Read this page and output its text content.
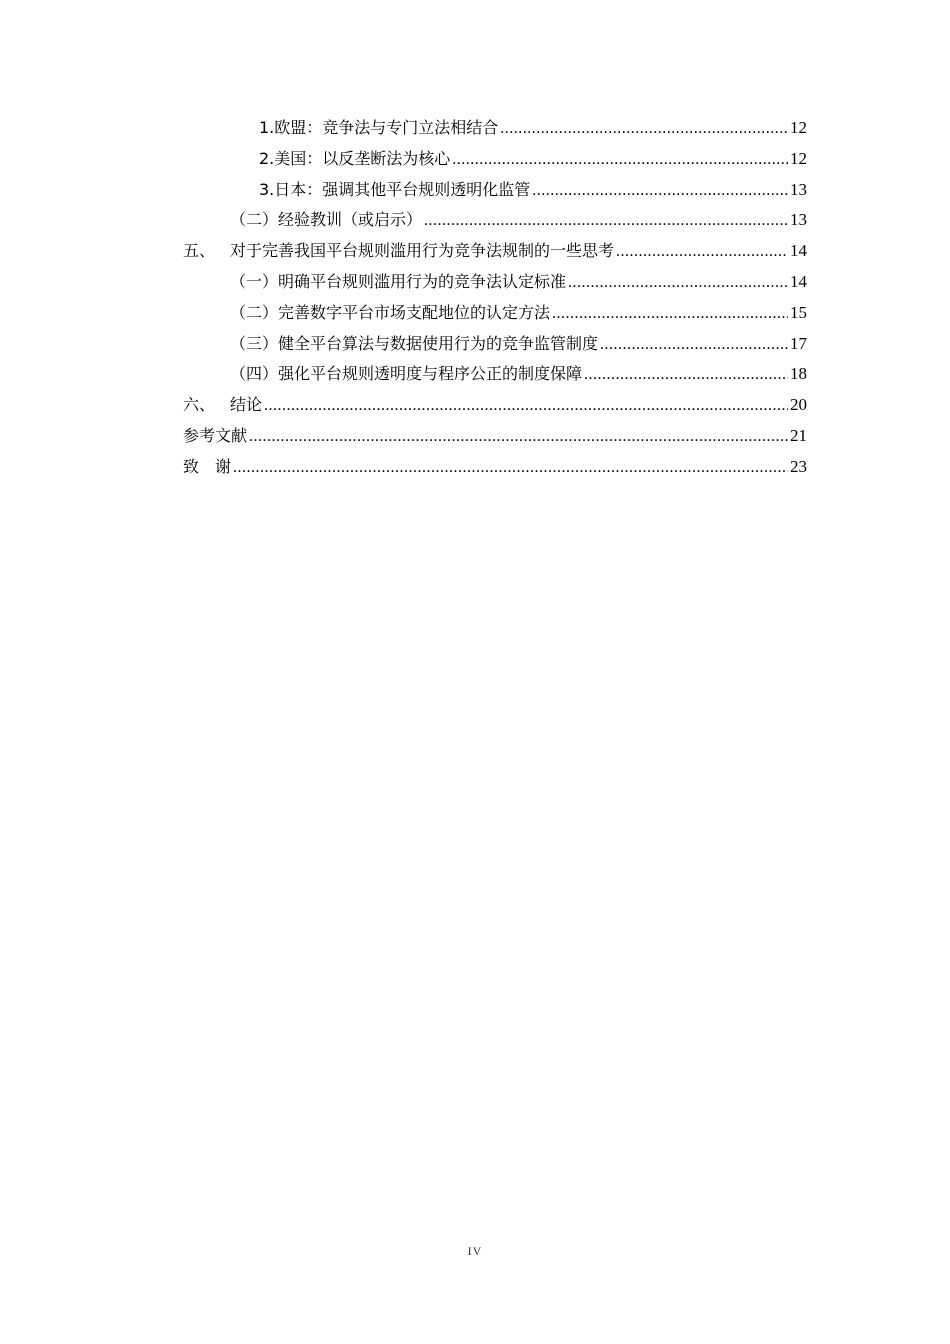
1. 欧盟：竞争法与专门立法相结合 .....	12
2. 美国：以反垄断法为核心 .....	12
3. 日本：强调其他平台规则透明化监管 .....	13
（二） 经验教训（或启示） .....	13
五、 对于完善我国平台规则滥用行为竞争法规制的一些思考 .....	14
（一） 明确平台规则滥用行为的竞争法认定标准 .....	14
（二） 完善数字平台市场支配地位的认定方法 .....	15
（三） 健全平台算法与数据使用行为的竞争监管制度 .....	17
（四） 强化平台规则透明度与程序公正的制度保障 .....	18
六、 结论 .....	20
参考文献 .....	21
致　谢 .....	23
IV
